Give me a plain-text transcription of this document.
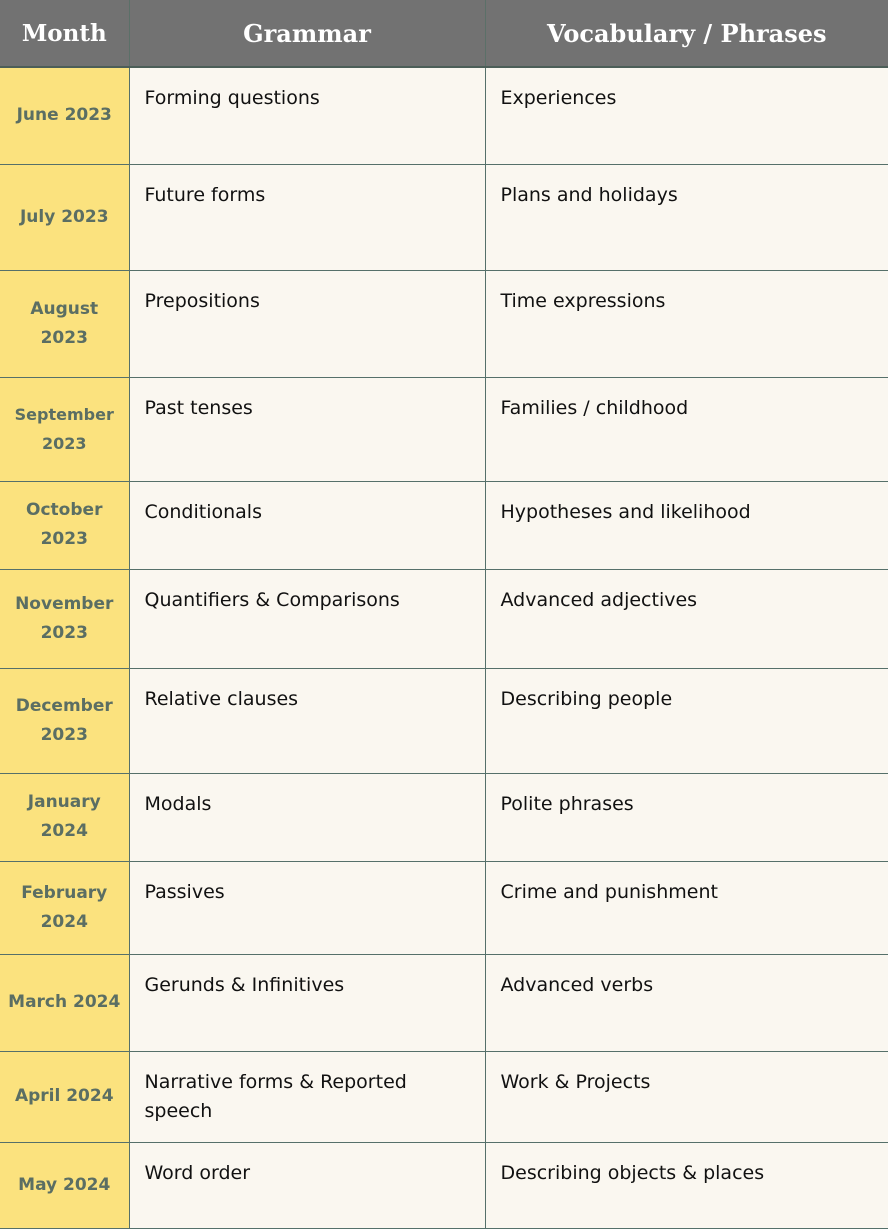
Month	Grammar	Vocabulary / Phrases
June 2023	Forming questions	Experiences
July 2023	Future forms	Plans and holidays
August 2023	Prepositions	Time expressions
September 2023	Past tenses	Families / childhood
October 2023	Conditionals	Hypotheses and likelihood
November 2023	Quantifiers & Comparisons	Advanced adjectives
December 2023	Relative clauses	Describing people
January 2024	Modals	Polite phrases
February 2024	Passives	Crime and punishment
March 2024	Gerunds & Infinitives	Advanced verbs
April 2024	Narrative forms & Reported speech	Work & Projects
May 2024	Word order	Describing objects & places
